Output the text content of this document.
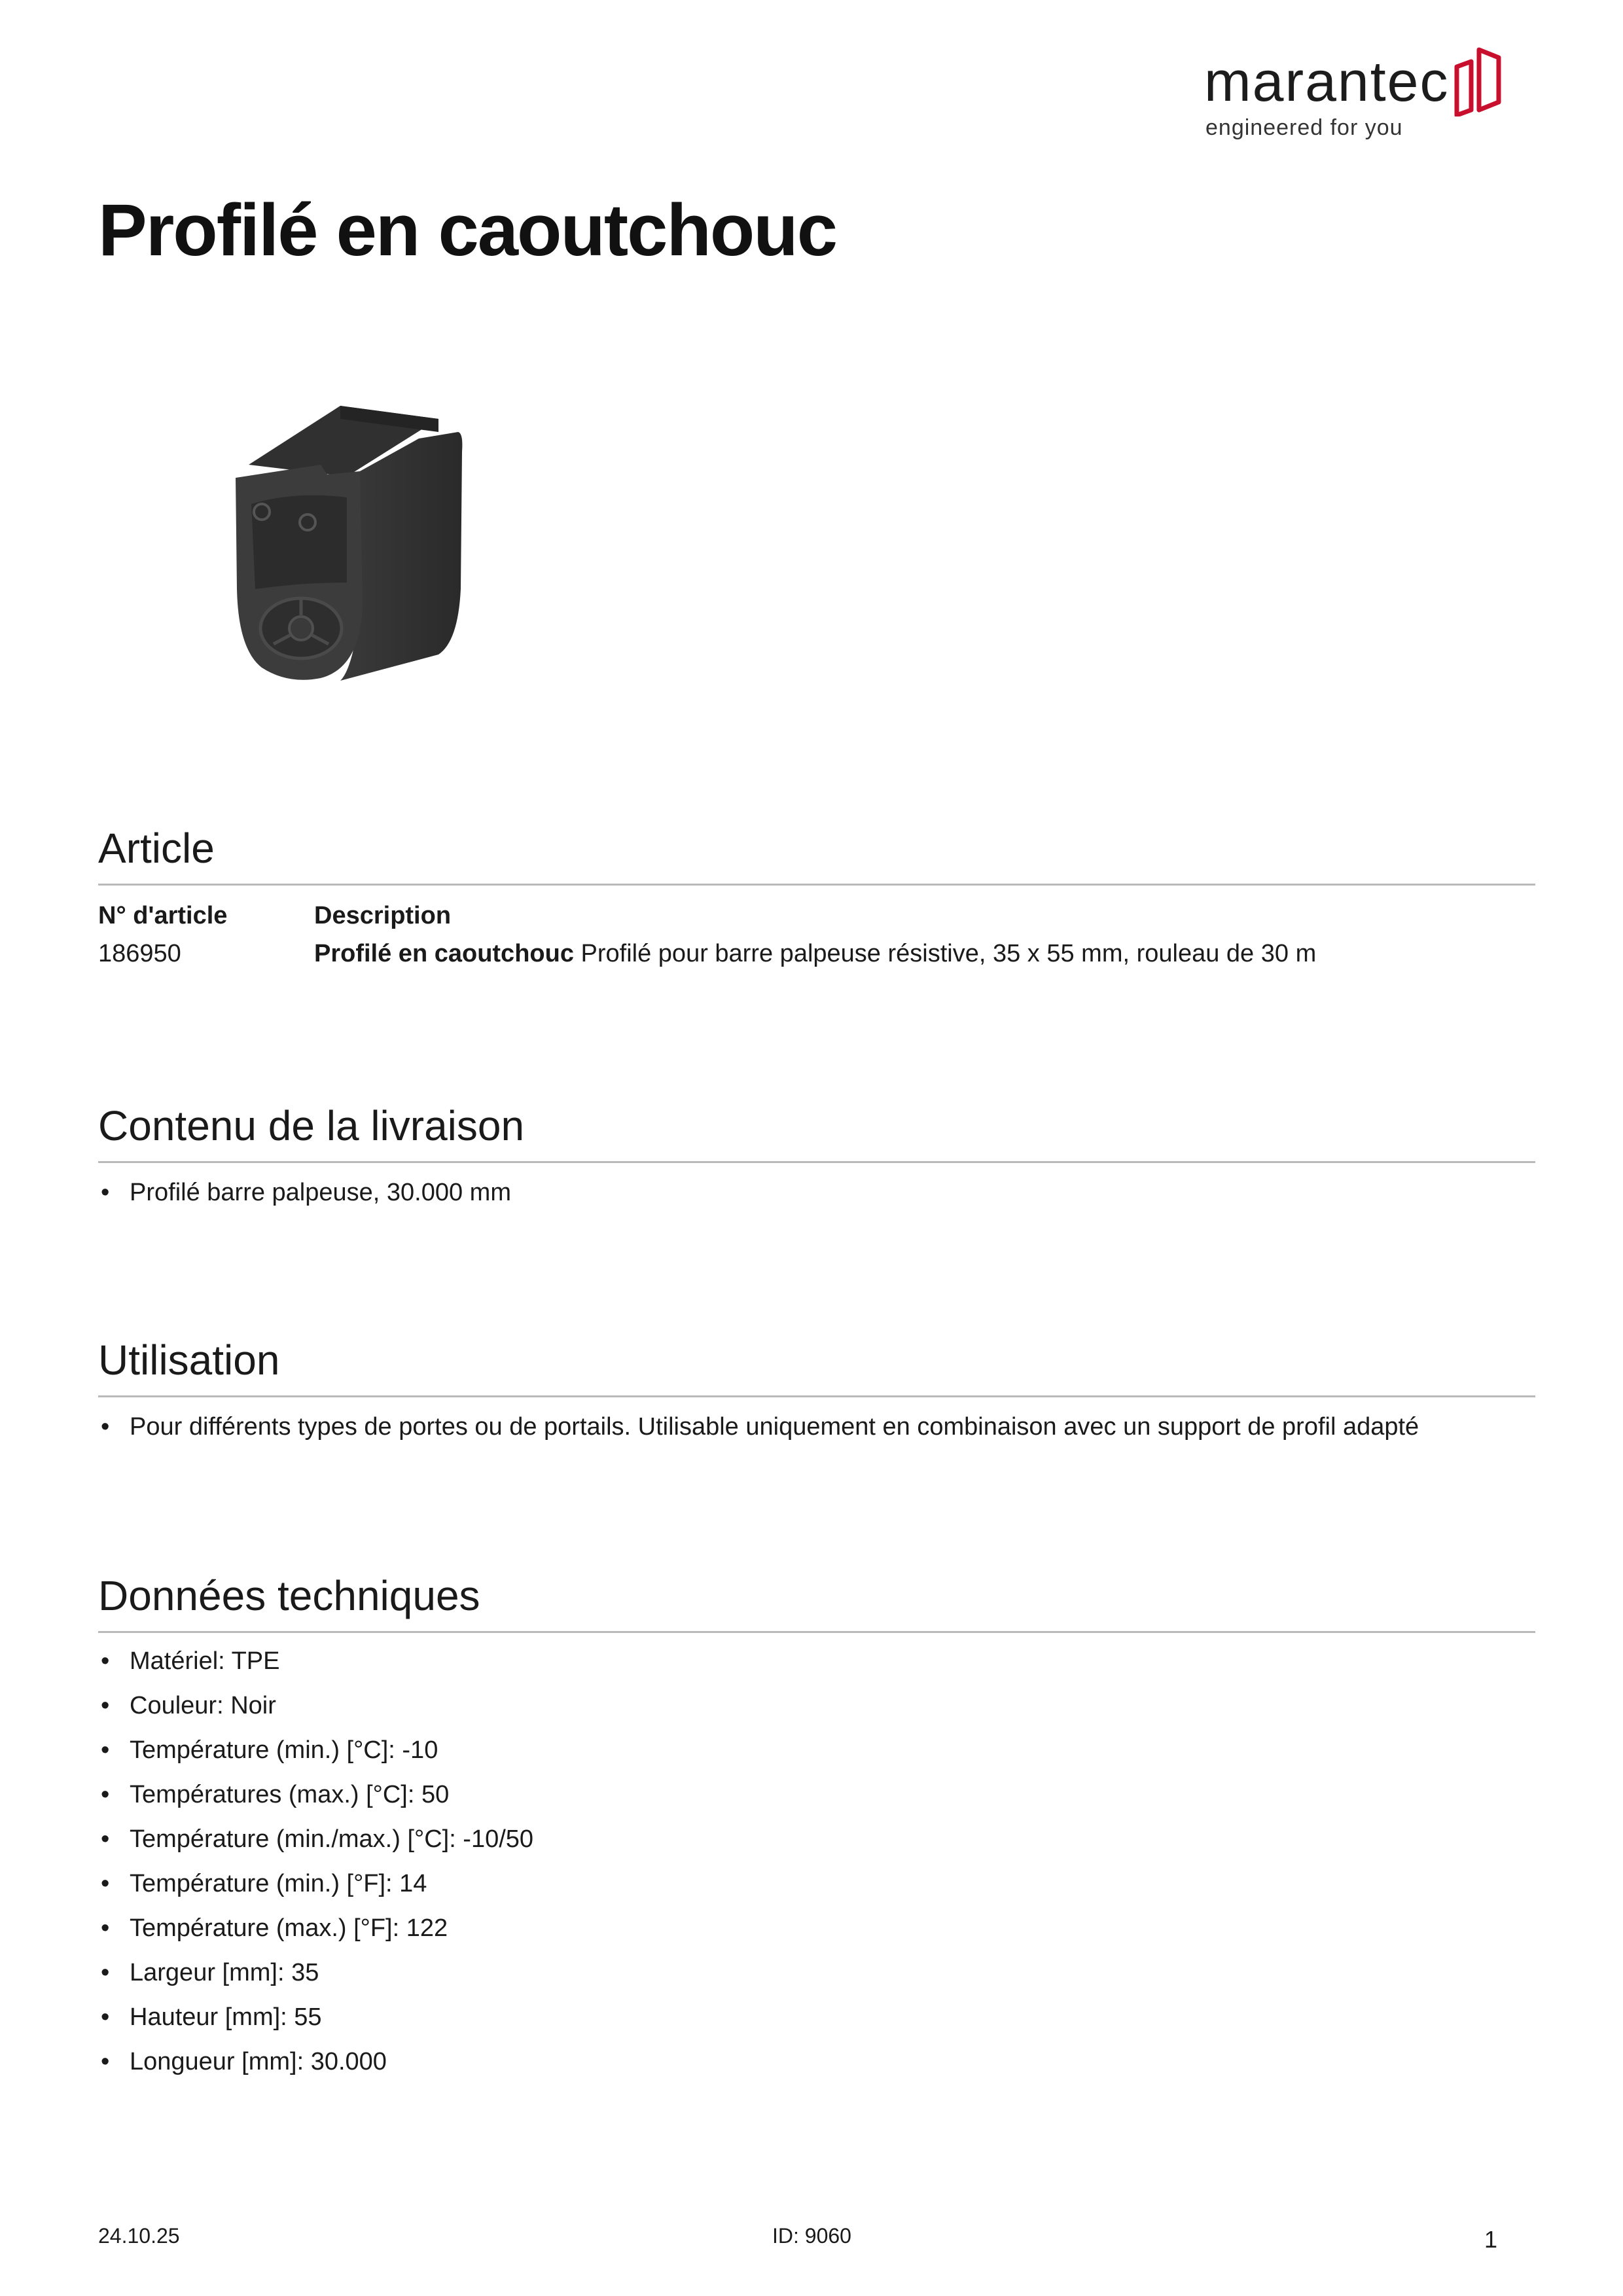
marantec
engineered for you
Profilé en caoutchouc
Article
N° d'article	Description
186950	Profilé en caoutchouc Profilé pour barre palpeuse résistive, 35 x 55 mm, rouleau de 30 m
Contenu de la livraison
• Profilé barre palpeuse, 30.000 mm
Utilisation
• Pour différents types de portes ou de portails. Utilisable uniquement en combinaison avec un support de profil adapté
Données techniques
• Matériel: TPE
• Couleur: Noir
• Température (min.) [°C]: -10
• Températures (max.) [°C]: 50
• Température (min./max.) [°C]: -10/50
• Température (min.) [°F]: 14
• Température (max.) [°F]: 122
• Largeur [mm]: 35
• Hauteur [mm]: 55
• Longueur [mm]: 30.000
24.10.25	ID: 9060	1
